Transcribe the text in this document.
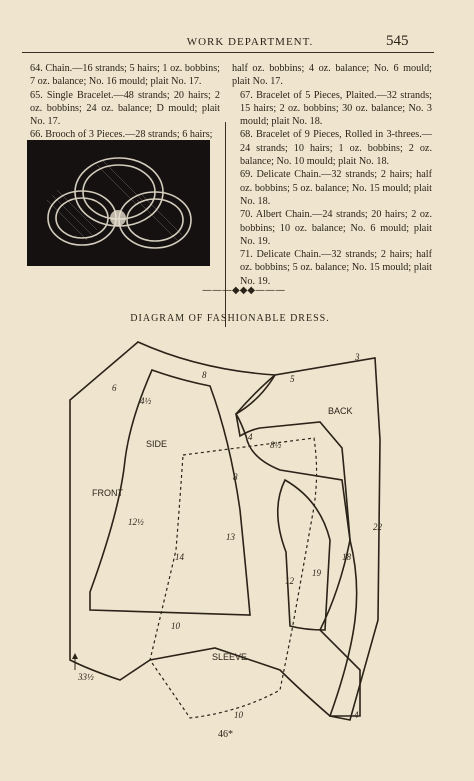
WORK DEPARTMENT.	545

64. Chain.—16 strands; 5 hairs; 1 oz. bobbins; 7 oz. balance; No. 16 mould; plait No. 17.

65. Single Bracelet.—48 strands; 20 hairs; 2 oz. bobbins; 24 oz. balance; D mould; plait No. 17.

66. Brooch of 3 Pieces.—28 strands; 6 hairs;

half oz. bobbins; 4 oz. balance; No. 6 mould; plait No. 17.

67. Bracelet of 5 Pieces, Plaited.—32 strands; 15 hairs; 2 oz. bobbins; 30 oz. balance; No. 3 mould; plait No. 18.

68. Bracelet of 9 Pieces, Rolled in 3-threes.—24 strands; 10 hairs; 1 oz. bobbins; 2 oz. balance; No. 10 mould; plait No. 18.

69. Delicate Chain.—32 strands; 2 hairs; half oz. bobbins; 5 oz. balance; No. 15 mould; plait No. 18.

70. Albert Chain.—24 strands; 20 hairs; 2 oz. bobbins; 10 oz. balance; No. 6 mould; plait No. 19.

71. Delicate Chain.—32 strands; 2 hairs; half oz. bobbins; 5 oz. balance; No. 15 mould; plait No. 19.

———◆◆◆———
DIAGRAM OF FASHIONABLE DRESS.
FRONT
SIDE
BACK
SLEEVE.
6
8	5
3
4½
4
8½
8
12½
13
14
12
19
18
22
10
33½
10	4
46*
